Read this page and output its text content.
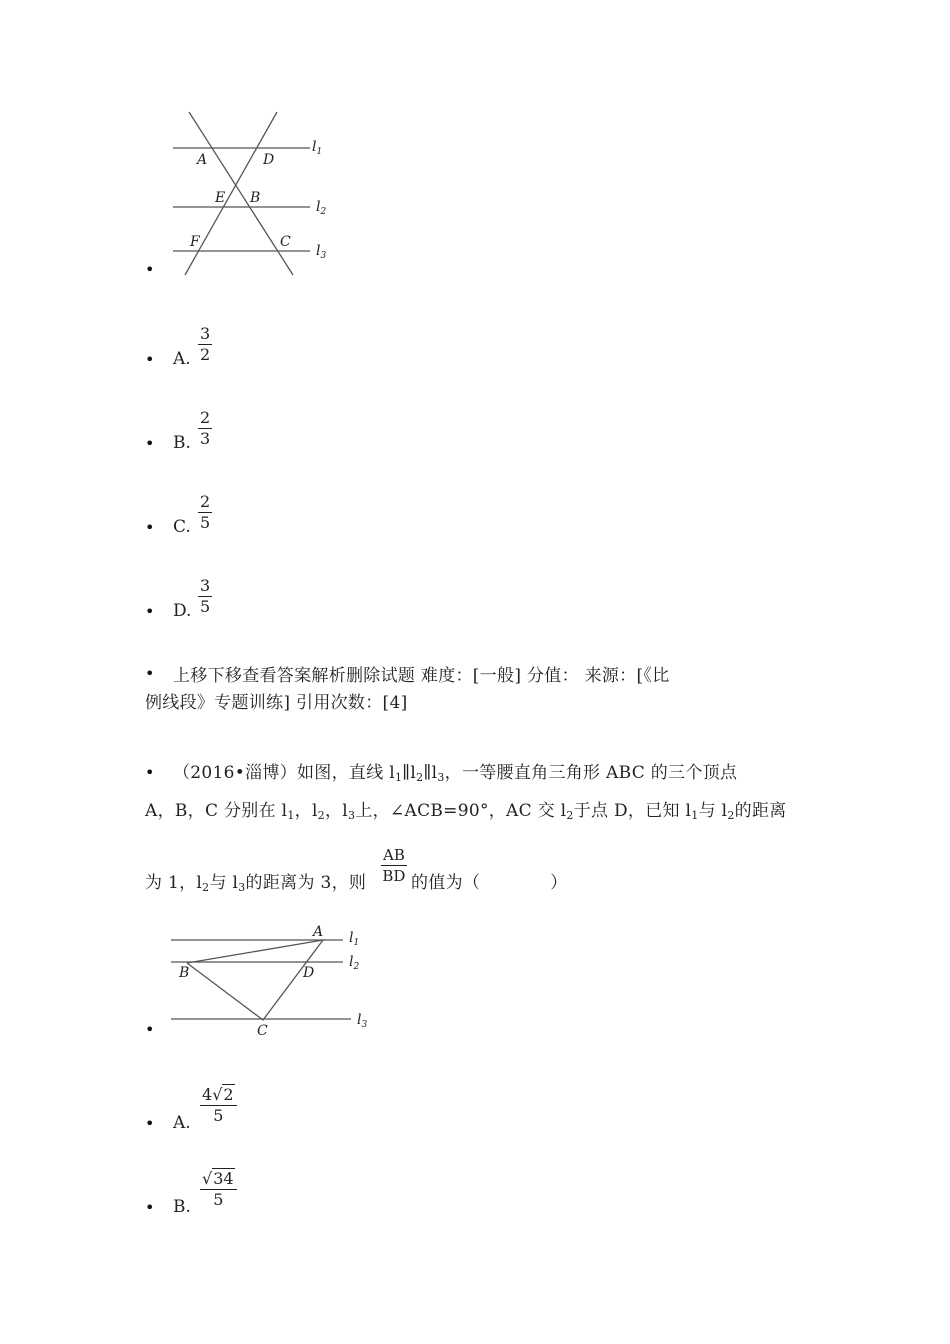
•
A	D
E B
F	C
$l_1$
$l_2$
$l_3$
• A. $\frac{3}{2}$
• B. $\frac{2}{3}$
• C. $\frac{2}{5}$
• D. $\frac{3}{5}$
• 上移下移查看答案解析删除试题 难度：[一般] 分值： 来源：[《比
例线段》专题训练] 引用次数：[4]
• （2016•淄博）如图，直线 $l_1\parallel l_2\parallel l_3$，一等腰直角三角形 ABC 的三个顶点
A，B，C 分别在 $l_1$，$l_2$，$l_3$上，∠ACB=90°，AC 交 $l_2$于点 D，已知 $l_1$与 $l_2$的距离
为 1，$l_2$与 $l_3$的距离为 3，则 $\frac{AB}{BD}$ 的值为（	）
•
A
B	D
C
$l_1$
$l_2$
$l_3$
• A. $\frac{4√2}{5}$
• B. $\frac{√34}{5}$
